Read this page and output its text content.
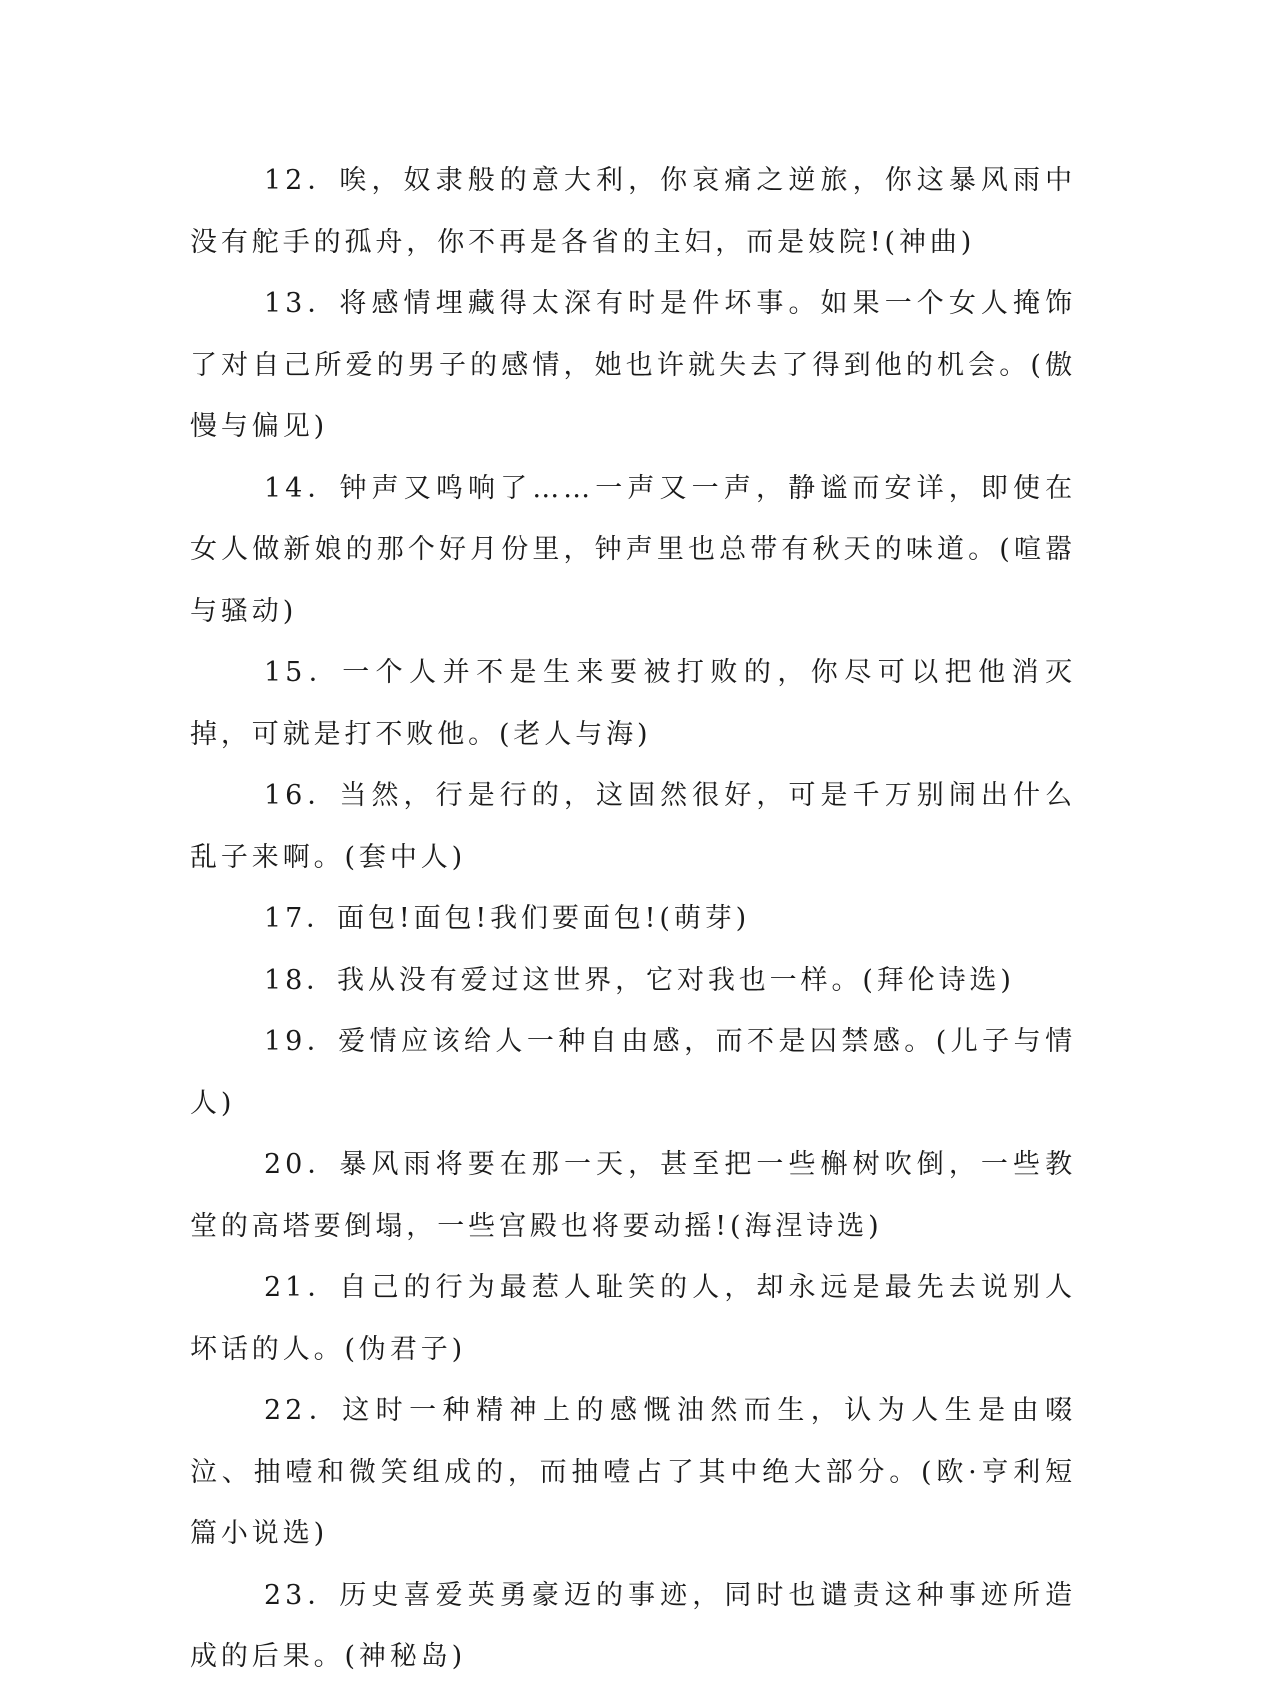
12．唉，奴隶般的意大利，你哀痛之逆旅，你这暴风雨中没有舵手的孤舟，你不再是各省的主妇，而是妓院!(神曲)

13．将感情埋藏得太深有时是件坏事。如果一个女人掩饰了对自己所爱的男子的感情，她也许就失去了得到他的机会。(傲慢与偏见)

14．钟声又鸣响了……一声又一声，静谧而安详，即使在女人做新娘的那个好月份里，钟声里也总带有秋天的味道。(喧嚣与骚动)

15．一个人并不是生来要被打败的，你尽可以把他消灭掉，可就是打不败他。(老人与海)

16．当然，行是行的，这固然很好，可是千万别闹出什么乱子来啊。(套中人)

17．面包!面包!我们要面包!(萌芽)

18．我从没有爱过这世界，它对我也一样。(拜伦诗选)

19．爱情应该给人一种自由感，而不是囚禁感。(儿子与情人)

20．暴风雨将要在那一天，甚至把一些槲树吹倒，一些教堂的高塔要倒塌，一些宫殿也将要动摇!(海涅诗选)

21．自己的行为最惹人耻笑的人，却永远是最先去说别人坏话的人。(伪君子)

22．这时一种精神上的感慨油然而生，认为人生是由啜泣、抽噎和微笑组成的，而抽噎占了其中绝大部分。(欧·亨利短篇小说选)

23．历史喜爱英勇豪迈的事迹，同时也谴责这种事迹所造成的后果。(神秘岛)
